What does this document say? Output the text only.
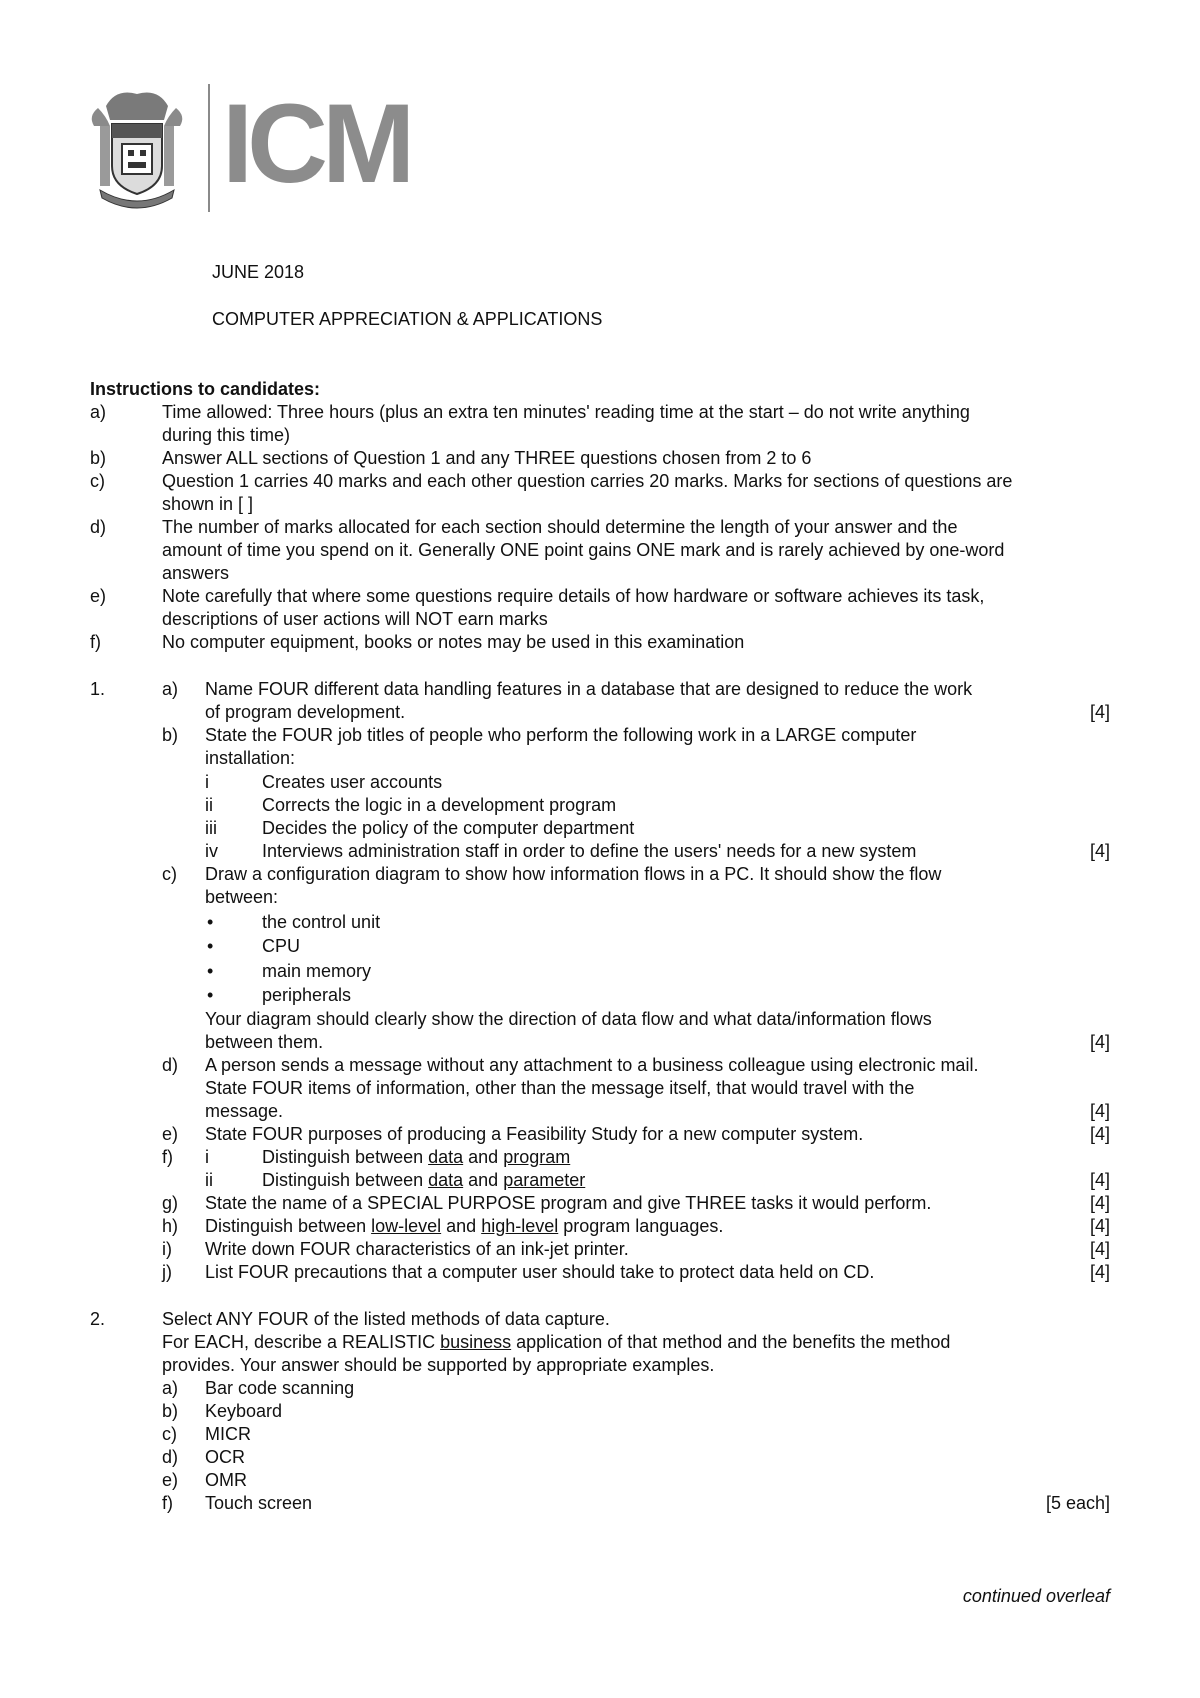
ICM
JUNE 2018
COMPUTER APPRECIATION & APPLICATIONS
Instructions to candidates:
a)	Time allowed: Three hours (plus an extra ten minutes' reading time at the start – do not write anything
during this time)
b)	Answer ALL sections of Question 1 and any THREE questions chosen from 2 to 6
c)	Question 1 carries 40 marks and each other question carries 20 marks. Marks for sections of questions are
shown in [ ]
d)	The number of marks allocated for each section should determine the length of your answer and the
amount of time you spend on it. Generally ONE point gains ONE mark and is rarely achieved by one-word
answers
e)	Note carefully that where some questions require details of how hardware or software achieves its task,
descriptions of user actions will NOT earn marks
f)	No computer equipment, books or notes may be used in this examination
1.	a) Name FOUR different data handling features in a database that are designed to reduce the work
of program development.	[4]
b) State the FOUR job titles of people who perform the following work in a LARGE computer
installation:
i	Creates user accounts
ii	Corrects the logic in a development program
iii	Decides the policy of the computer department
iv Interviews administration staff in order to define the users' needs for a new system	[4]
c) Draw a configuration diagram to show how information flows in a PC. It should show the flow
between:
•	the control unit
•	CPU
•	main memory
•	peripherals
Your diagram should clearly show the direction of data flow and what data/information flows
between them.	[4]
d) A person sends a message without any attachment to a business colleague using electronic mail.
State FOUR items of information, other than the message itself, that would travel with the
message.	[4]
e) State FOUR purposes of producing a Feasibility Study for a new computer system.	[4]
f) i	Distinguish between data and program
ii	Distinguish between data and parameter	[4]
g) State the name of a SPECIAL PURPOSE program and give THREE tasks it would perform.	[4]
h) Distinguish between low-level and high-level program languages.	[4]
i) Write down FOUR characteristics of an ink-jet printer.	[4]
j) List FOUR precautions that a computer user should take to protect data held on CD.	[4]
2.	Select ANY FOUR of the listed methods of data capture.
For EACH, describe a REALISTIC business application of that method and the benefits the method
provides. Your answer should be supported by appropriate examples.
a) Bar code scanning
b) Keyboard
c) MICR
d) OCR
e) OMR
f) Touch screen	[5 each]
continued overleaf
